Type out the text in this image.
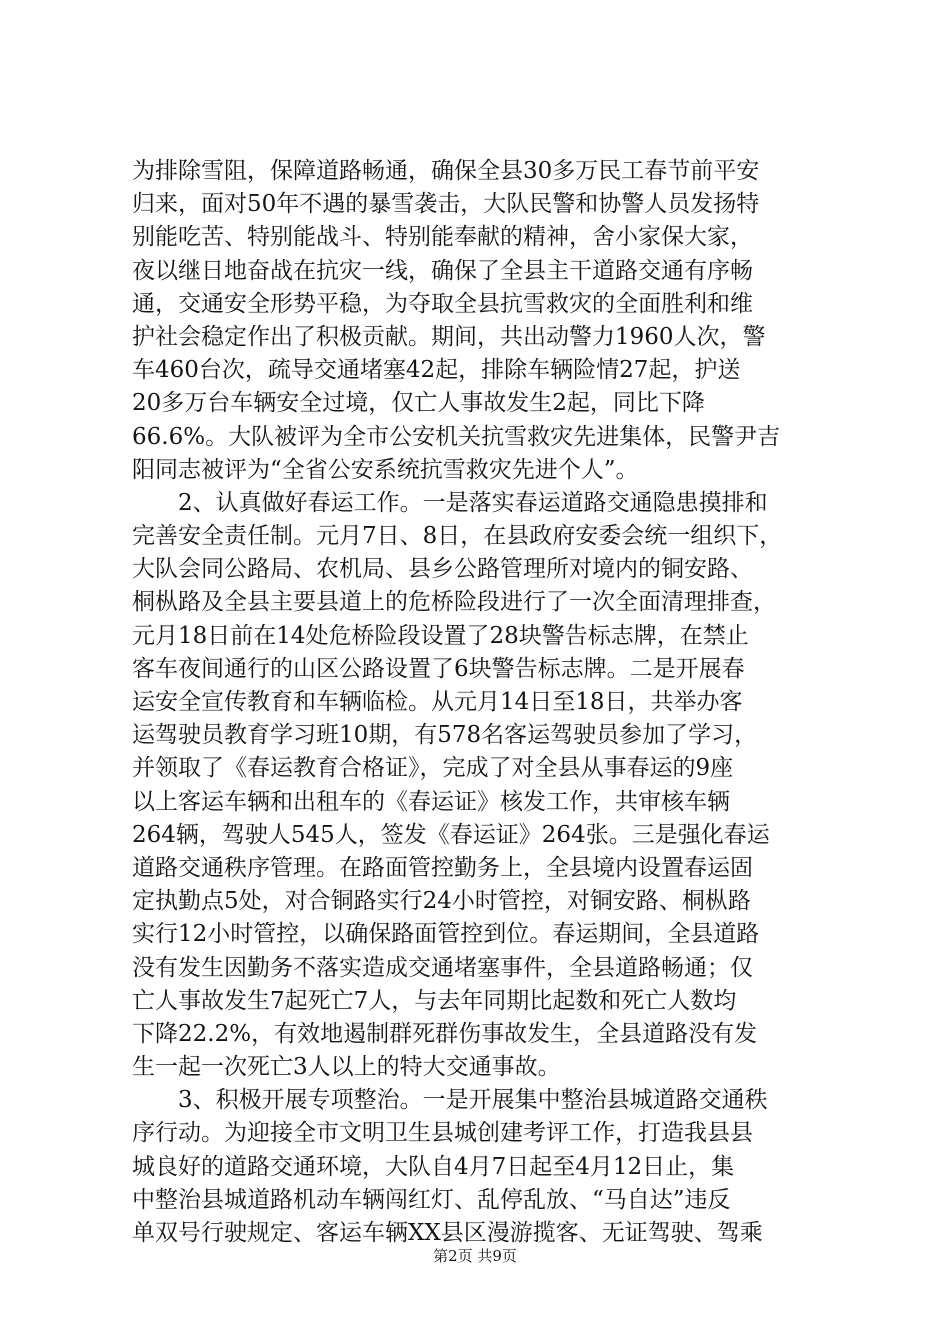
为排除雪阻，保障道路畅通，确保全县30多万民工春节前平安
归来，面对50年不遇的暴雪袭击，大队民警和协警人员发扬特
别能吃苦、特别能战斗、特别能奉献的精神，舍小家保大家，
夜以继日地奋战在抗灾一线，确保了全县主干道路交通有序畅
通，交通安全形势平稳，为夺取全县抗雪救灾的全面胜利和维
护社会稳定作出了积极贡献。期间，共出动警力1960人次，警
车460台次，疏导交通堵塞42起，排除车辆险情27起，护送
20多万台车辆安全过境，仅亡人事故发生2起，同比下降
66.6%。大队被评为全市公安机关抗雪救灾先进集体，民警尹吉
阳同志被评为“全省公安系统抗雪救灾先进个人”。
2、认真做好春运工作。一是落实春运道路交通隐患摸排和
完善安全责任制。元月7日、8日，在县政府安委会统一组织下，
大队会同公路局、农机局、县乡公路管理所对境内的铜安路、
桐枞路及全县主要县道上的危桥险段进行了一次全面清理排查，
元月18日前在14处危桥险段设置了28块警告标志牌，在禁止
客车夜间通行的山区公路设置了6块警告标志牌。二是开展春
运安全宣传教育和车辆临检。从元月14日至18日，共举办客
运驾驶员教育学习班10期，有578名客运驾驶员参加了学习，
并领取了《春运教育合格证》，完成了对全县从事春运的9座
以上客运车辆和出租车的《春运证》核发工作，共审核车辆
264辆，驾驶人545人，签发《春运证》264张。三是强化春运
道路交通秩序管理。在路面管控勤务上，全县境内设置春运固
定执勤点5处，对合铜路实行24小时管控，对铜安路、桐枞路
实行12小时管控，以确保路面管控到位。春运期间，全县道路
没有发生因勤务不落实造成交通堵塞事件，全县道路畅通；仅
亡人事故发生7起死亡7人，与去年同期比起数和死亡人数均
下降22.2%，有效地遏制群死群伤事故发生，全县道路没有发
生一起一次死亡3人以上的特大交通事故。
3、积极开展专项整治。一是开展集中整治县城道路交通秩
序行动。为迎接全市文明卫生县城创建考评工作，打造我县县
城良好的道路交通环境，大队自4月7日起至4月12日止，集
中整治县城道路机动车辆闯红灯、乱停乱放、“马自达”违反
单双号行驶规定、客运车辆XX县区漫游揽客、无证驾驶、驾乘
第2页 共9页
